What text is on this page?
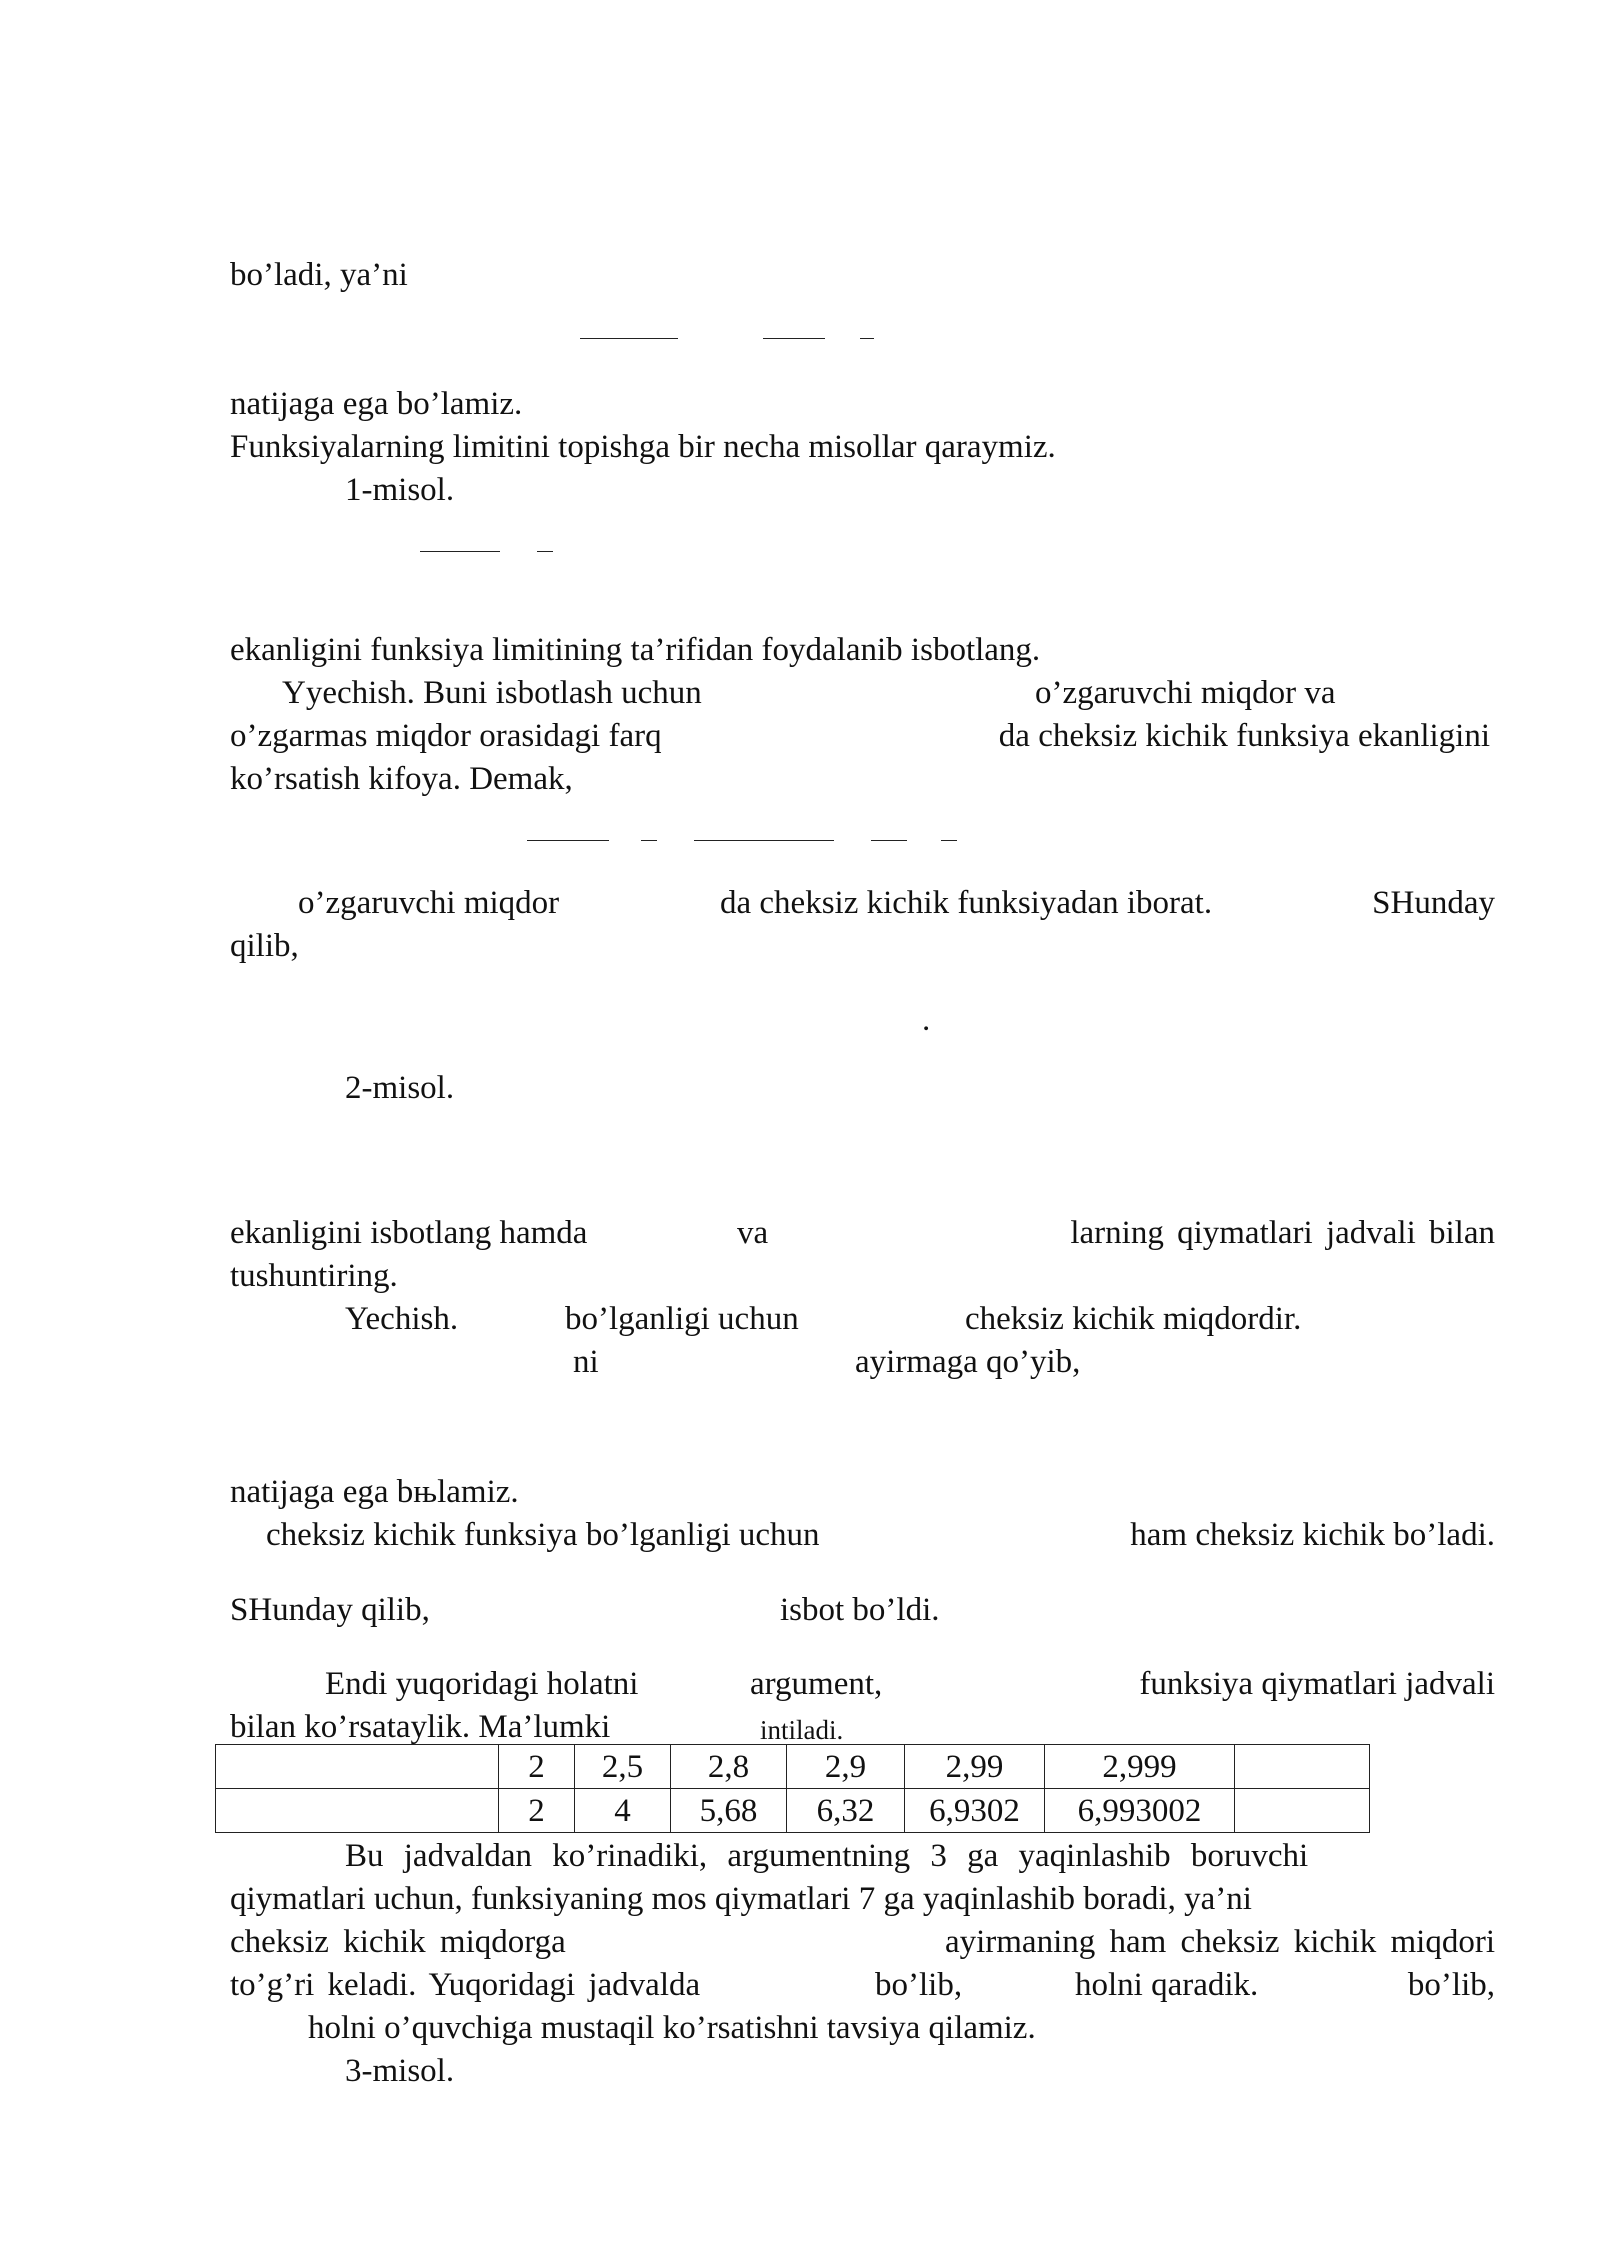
bo’ladi, ya’ni
natijaga ega bo’lamiz.
Funksiyalarning limitini topishga bir necha misollar qaraymiz.
1-misol.
ekanligini funksiya limitining ta’rifidan foydalanib isbotlang.
Yyechish. Buni isbotlash uchun	o’zgaruvchi miqdor va
o’zgarmas miqdor orasidagi farq	da cheksiz kichik funksiya ekanligini
ko’rsatish kifoya. Demak,
o’zgaruvchi miqdor	da cheksiz kichik funksiyadan iborat.	SHunday
qilib,
.
2-misol.
ekanligini isbotlang hamda	va	larning qiymatlari jadvali bilan
tushuntiring.
Yechish.	bo’lganligi uchun	cheksiz kichik miqdordir.
ni	ayirmaga qo’yib,
natijaga ega bњlamiz.
cheksiz kichik funksiya bo’lganligi uchun	ham cheksiz kichik bo’ladi.
SHunday qilib,	isbot bo’ldi.
Endi yuqoridagi holatni	argument,	funksiya qiymatlari jadvali
bilan ko’rsataylik. Ma’lumki	intiladi.
	2	2,5	2,8	2,9	2,99	2,999	
	2	4	5,68	6,32	6,9302	6,993002	
Bu jadvaldan ko’rinadiki, argumentning 3 ga yaqinlashib boruvchi
qiymatlari uchun, funksiyaning mos qiymatlari 7 ga yaqinlashib boradi, ya’ni
cheksiz kichik miqdorga	ayirmaning ham cheksiz kichik miqdori
to’g’ri keladi. Yuqoridagi jadvalda	bo’lib,	holni qaradik.	bo’lib,
holni o’quvchiga mustaqil ko’rsatishni tavsiya qilamiz.
3-misol.
